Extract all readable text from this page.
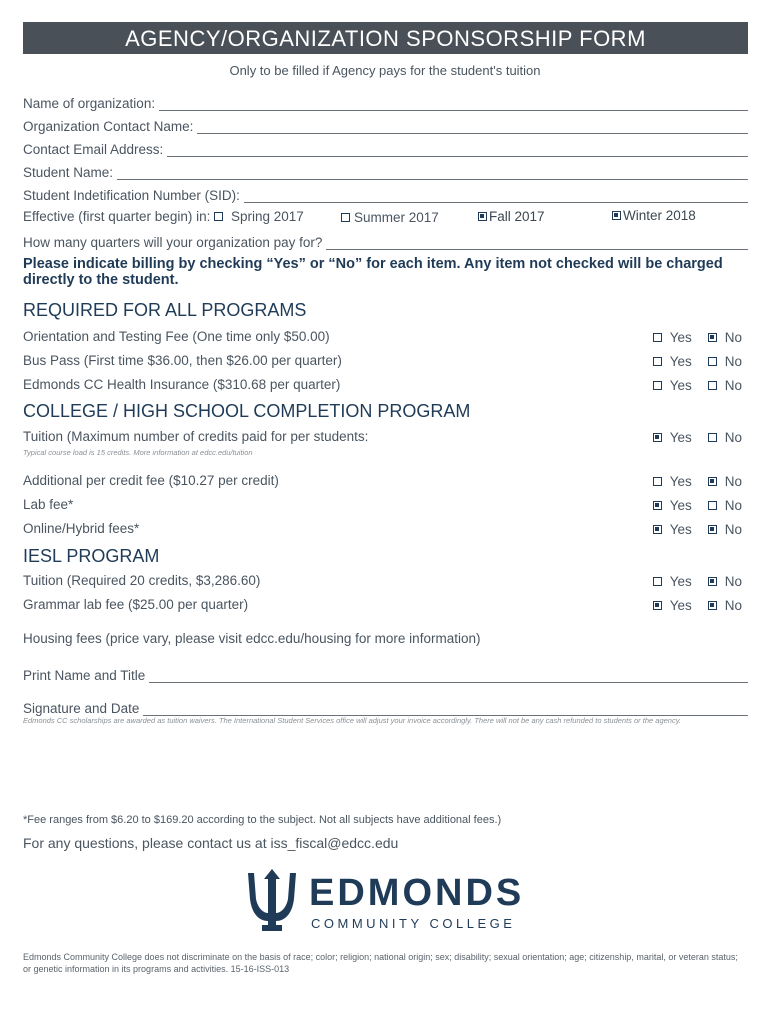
AGENCY/ORGANIZATION SPONSORSHIP FORM
Only to be filled if Agency pays for the student's tuition
Name of organization:
Organization Contact Name:
Contact Email Address:
Student Name:
Student Indetification Number (SID):
Effective (first quarter begin) in:	Spring 2017	Summer 2017	Fall 2017	Winter 2018
How many quarters will your organization pay for?
Please indicate billing by checking “Yes” or “No” for each item. Any item not checked will be charged directly to the student.
REQUIRED FOR ALL PROGRAMS
Orientation and Testing Fee (One time only $50.00)	Yes	No
Bus Pass (First time $36.00, then $26.00 per quarter)	Yes	No
Edmonds CC Health Insurance ($310.68 per quarter)	Yes	No
COLLEGE / HIGH SCHOOL COMPLETION PROGRAM
Tuition (Maximum number of credits paid for per students:	Yes	No
Typical course load is 15 credits. More information at edcc.edu/tuition
Additional per credit fee ($10.27 per credit)	Yes	No
Lab fee*	Yes	No
Online/Hybrid fees*	Yes	No
IESL PROGRAM
Tuition (Required 20 credits, $3,286.60)	Yes	No
Grammar lab fee ($25.00 per quarter)	Yes	No
Housing fees (price vary, please visit edcc.edu/housing for more information)
Print Name and Title
Signature and Date
Edmonds CC scholarships are awarded as tuition waivers. The International Student Services office will adjust your invoice accordingly. There will not be any cash refunded to students or the agency.
*Fee ranges from $6.20 to $169.20 according to the subject. Not all subjects have additional fees.)
For any questions, please contact us at iss_fiscal@edcc.edu
EDMONDS
COMMUNITY COLLEGE
Edmonds Community College does not discriminate on the basis of race; color; religion; national origin; sex; disability; sexual orientation; age; citizenship, marital, or veteran status; or genetic information in its programs and activities. 15-16-ISS-013
